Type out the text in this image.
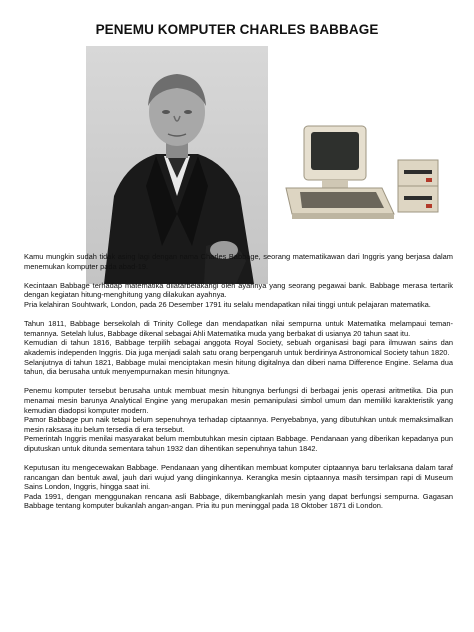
PENEMU KOMPUTER CHARLES BABBAGE

Kamu mungkin sudah tidak asing lagi dengan nama Charles Babbage, seorang matematikawan dari Inggris yang berjasa dalam menemukan komputer pada abad-19.

Kecintaan Babbage terhadap matematika dilatarbelakangi oleh ayahnya yang seorang pegawai bank. Babbage merasa tertarik dengan kegiatan hitung-menghitung yang dilakukan ayahnya.

Pria kelahiran Souhtwark, London, pada 26 Desember 1791 itu selalu mendapatkan nilai tinggi untuk pelajaran matematika.

Tahun 1811, Babbage bersekolah di Trinity College dan mendapatkan nilai sempurna untuk Matematika melampaui teman-temannya. Setelah lulus, Babbage dikenal sebagai Ahli Matematika muda yang berbakat di usianya 20 tahun saat itu.

Kemudian di tahun 1816, Babbage terpilih sebagai anggota Royal Society, sebuah organisasi bagi para ilmuwan sains dan akademis independen Inggris. Dia juga menjadi salah satu orang berpengaruh untuk berdirinya Astronomical Society tahun 1820.

Selanjutnya di tahun 1821, Babbage mulai menciptakan mesin hitung digitalnya dan diberi nama Difference Engine. Selama dua tahun, dia berusaha untuk menyempurnakan mesin hitungnya.

Penemu komputer tersebut berusaha untuk membuat mesin hitungnya berfungsi di berbagai jenis operasi aritmetika. Dia pun menamai mesin barunya Analytical Engine yang merupakan mesin pemanipulasi simbol umum dan memiliki karakteristik yang kemudian diadopsi komputer modern.

Pamor Babbage pun naik tetapi belum sepenuhnya terhadap ciptaannya. Penyebabnya, yang dibutuhkan untuk memaksimalkan mesin raksasa itu belum tersedia di era tersebut.

Pemerintah Inggris menilai masyarakat belum membutuhkan mesin ciptaan Babbage. Pendanaan yang diberikan kepadanya pun diputuskan untuk ditunda sementara tahun 1932 dan dihentikan sepenuhnya tahun 1842.

Keputusan itu mengecewakan Babbage. Pendanaan yang dihentikan membuat komputer ciptaannya baru terlaksana dalam taraf rancangan dan bentuk awal, jauh dari wujud yang diinginkannya. Kerangka mesin ciptaannya masih tersimpan rapi di Museum Sains London, Inggris, hingga saat ini.

Pada 1991, dengan menggunakan rencana asli Babbage, dikembangkanlah mesin yang dapat berfungsi sempurna. Gagasan Babbage tentang komputer bukanlah angan-angan. Pria itu pun meninggal pada 18 Oktober 1871 di London.
